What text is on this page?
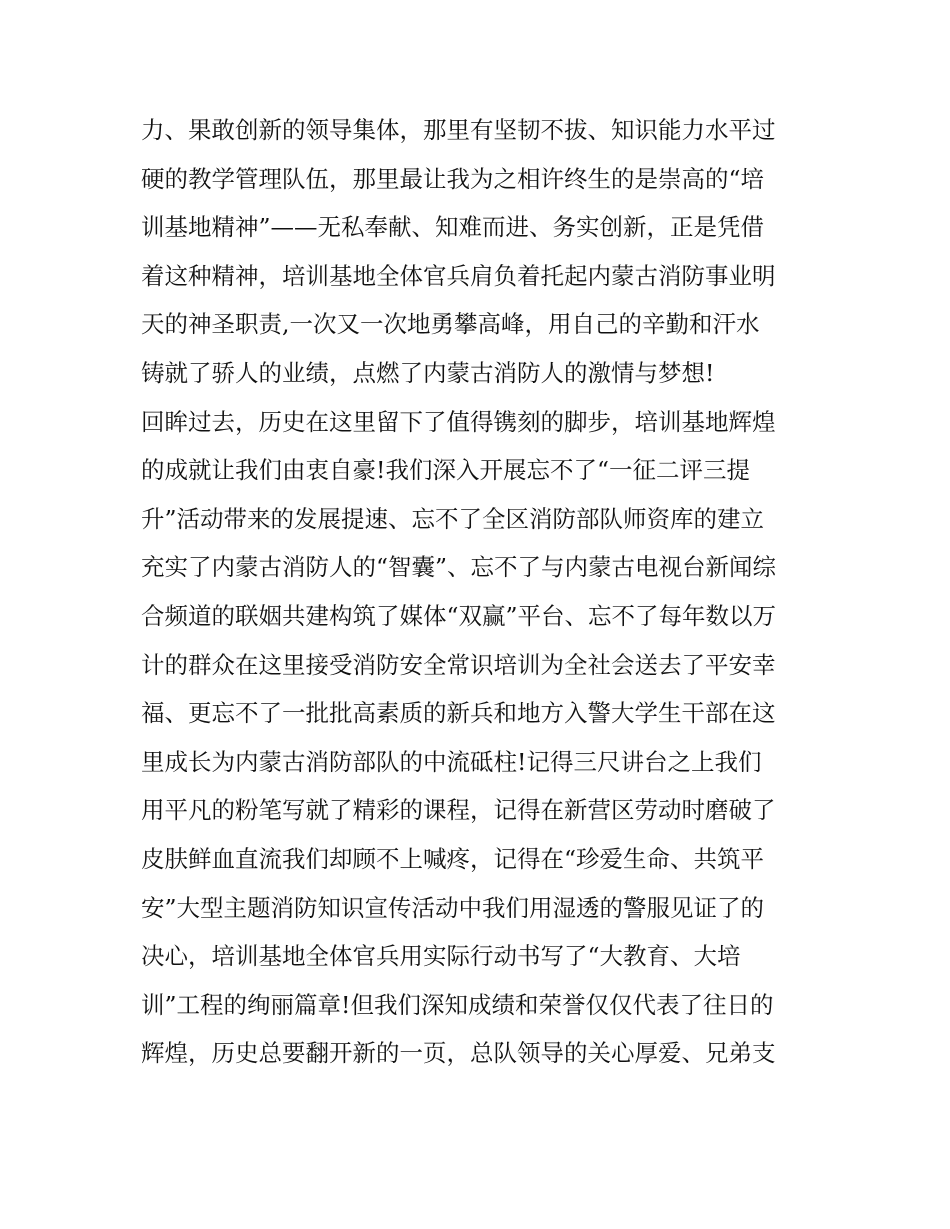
力、果敢创新的领导集体，那里有坚韧不拔、知识能力水平过
硬的教学管理队伍，那里最让我为之相许终生的是崇高的“培
训基地精神”——无私奉献、知难而进、务实创新，正是凭借
着这种精神，培训基地全体官兵肩负着托起内蒙古消防事业明
天的神圣职责,一次又一次地勇攀高峰，用自己的辛勤和汗水
铸就了骄人的业绩，点燃了内蒙古消防人的激情与梦想!
回眸过去，历史在这里留下了值得镌刻的脚步，培训基地辉煌
的成就让我们由衷自豪!我们深入开展忘不了“一征二评三提
升”活动带来的发展提速、忘不了全区消防部队师资库的建立
充实了内蒙古消防人的“智囊”、忘不了与内蒙古电视台新闻综
合频道的联姻共建构筑了媒体“双赢”平台、忘不了每年数以万
计的群众在这里接受消防安全常识培训为全社会送去了平安幸
福、更忘不了一批批高素质的新兵和地方入警大学生干部在这
里成长为内蒙古消防部队的中流砥柱!记得三尺讲台之上我们
用平凡的粉笔写就了精彩的课程，记得在新营区劳动时磨破了
皮肤鲜血直流我们却顾不上喊疼，记得在“珍爱生命、共筑平
安”大型主题消防知识宣传活动中我们用湿透的警服见证了的
决心，培训基地全体官兵用实际行动书写了“大教育、大培
训”工程的绚丽篇章!但我们深知成绩和荣誉仅仅代表了往日的
辉煌，历史总要翻开新的一页，总队领导的关心厚爱、兄弟支
